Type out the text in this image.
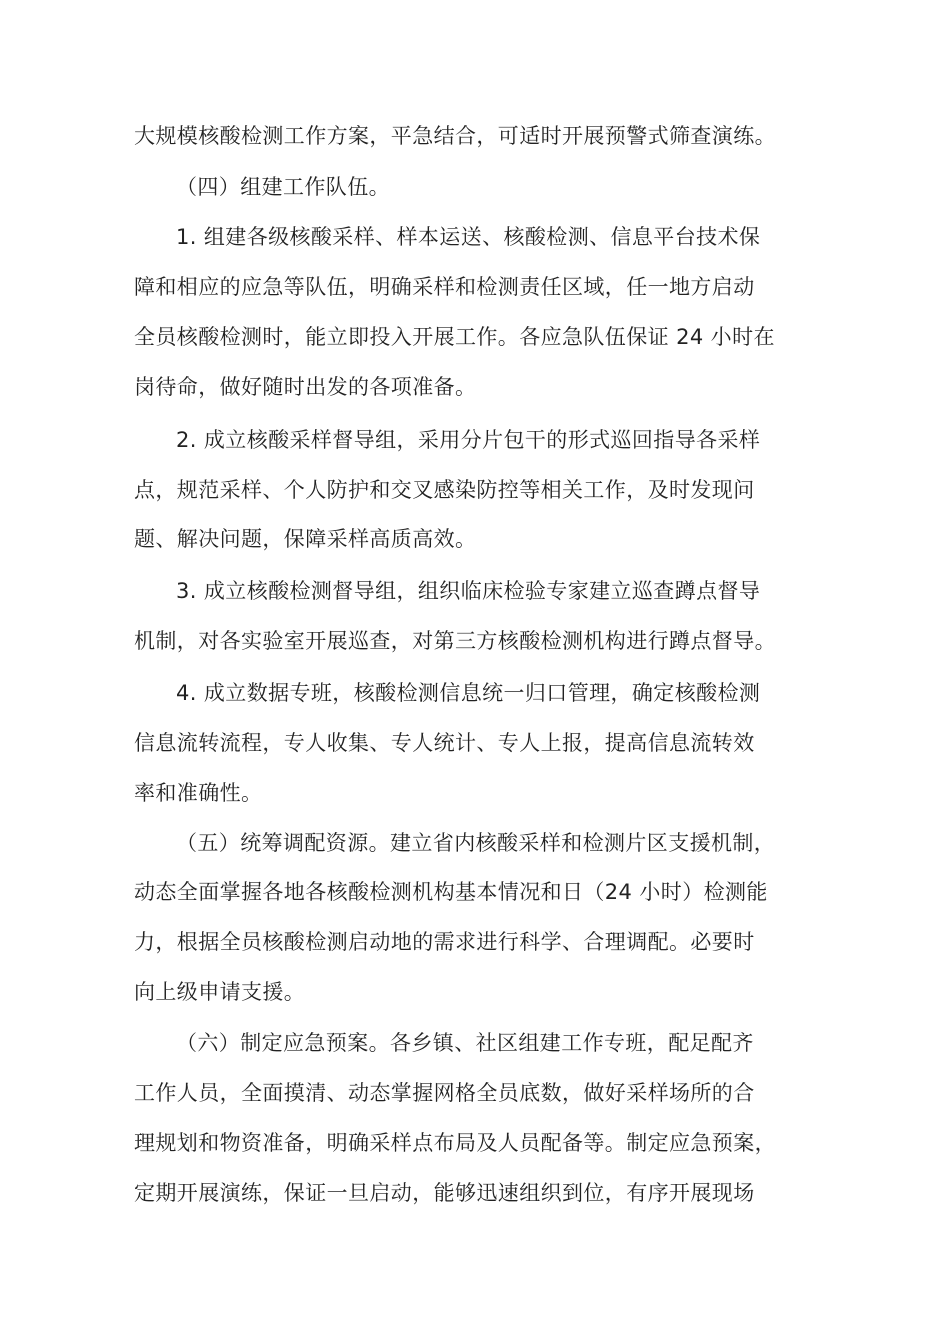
大规模核酸检测工作方案，平急结合，可适时开展预警式筛查演练。
（四）组建工作队伍。
1. 组建各级核酸采样、样本运送、核酸检测、信息平台技术保
障和相应的应急等队伍，明确采样和检测责任区域，任一地方启动
全员核酸检测时，能立即投入开展工作。各应急队伍保证 24 小时在
岗待命，做好随时出发的各项准备。
2. 成立核酸采样督导组，采用分片包干的形式巡回指导各采样
点，规范采样、个人防护和交叉感染防控等相关工作，及时发现问
题、解决问题，保障采样高质高效。
3. 成立核酸检测督导组，组织临床检验专家建立巡查蹲点督导
机制，对各实验室开展巡查，对第三方核酸检测机构进行蹲点督导。
4. 成立数据专班，核酸检测信息统一归口管理，确定核酸检测
信息流转流程，专人收集、专人统计、专人上报，提高信息流转效
率和准确性。
（五）统筹调配资源。建立省内核酸采样和检测片区支援机制，
动态全面掌握各地各核酸检测机构基本情况和日（24 小时）检测能
力，根据全员核酸检测启动地的需求进行科学、合理调配。必要时
向上级申请支援。
（六）制定应急预案。各乡镇、社区组建工作专班，配足配齐
工作人员，全面摸清、动态掌握网格全员底数，做好采样场所的合
理规划和物资准备，明确采样点布局及人员配备等。制定应急预案，
定期开展演练，保证一旦启动，能够迅速组织到位，有序开展现场
